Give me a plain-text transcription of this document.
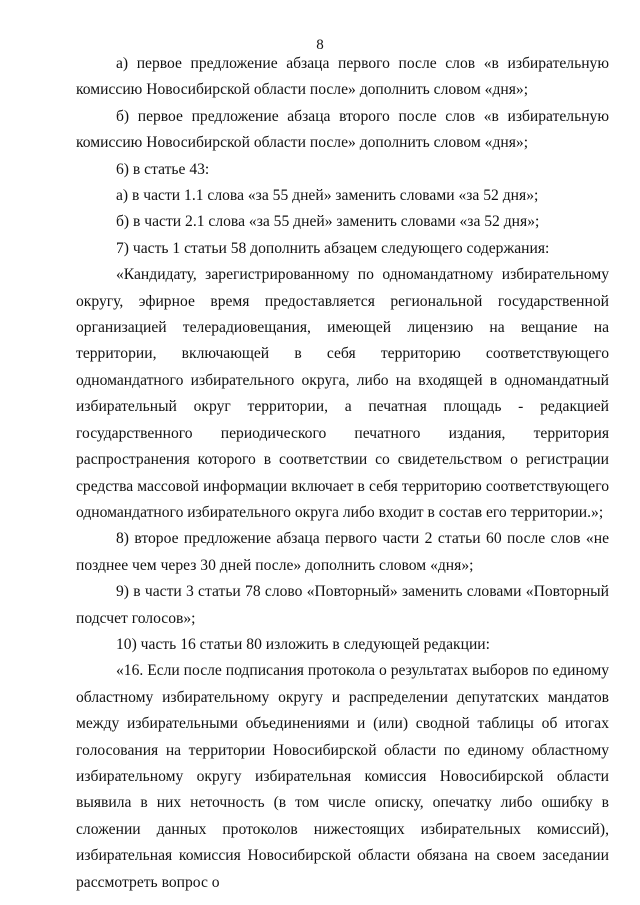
8

а) первое предложение абзаца первого после слов «в избирательную комиссию Новосибирской области после» дополнить словом «дня»;

б) первое предложение абзаца второго после слов «в избирательную комиссию Новосибирской области после» дополнить словом «дня»;

6) в статье 43:

а) в части 1.1 слова «за 55 дней» заменить словами «за 52 дня»;

б) в части 2.1 слова «за 55 дней» заменить словами «за 52 дня»;

7) часть 1 статьи 58 дополнить абзацем следующего содержания:

«Кандидату, зарегистрированному по одномандатному избирательному округу, эфирное время предоставляется региональной государственной организацией телерадиовещания, имеющей лицензию на вещание на территории, включающей в себя территорию соответствующего одномандатного избирательного округа, либо на входящей в одномандатный избирательный округ территории, а печатная площадь - редакцией государственного периодического печатного издания, территория распространения которого в соответствии со свидетельством о регистрации средства массовой информации включает в себя территорию соответствующего одномандатного избирательного округа либо входит в состав его территории.»;

8) второе предложение абзаца первого части 2 статьи 60 после слов «не позднее чем через 30 дней после» дополнить словом «дня»;

9) в части 3 статьи 78 слово «Повторный» заменить словами «Повторный подсчет голосов»;

10) часть 16 статьи 80 изложить в следующей редакции:

«16. Если после подписания протокола о результатах выборов по единому областному избирательному округу и распределении депутатских мандатов между избирательными объединениями и (или) сводной таблицы об итогах голосования на территории Новосибирской области по единому областному избирательному округу избирательная комиссия Новосибирской области выявила в них неточность (в том числе описку, опечатку либо ошибку в сложении данных протоколов нижестоящих избирательных комиссий), избирательная комиссия Новосибирской области обязана на своем заседании рассмотреть вопрос о
